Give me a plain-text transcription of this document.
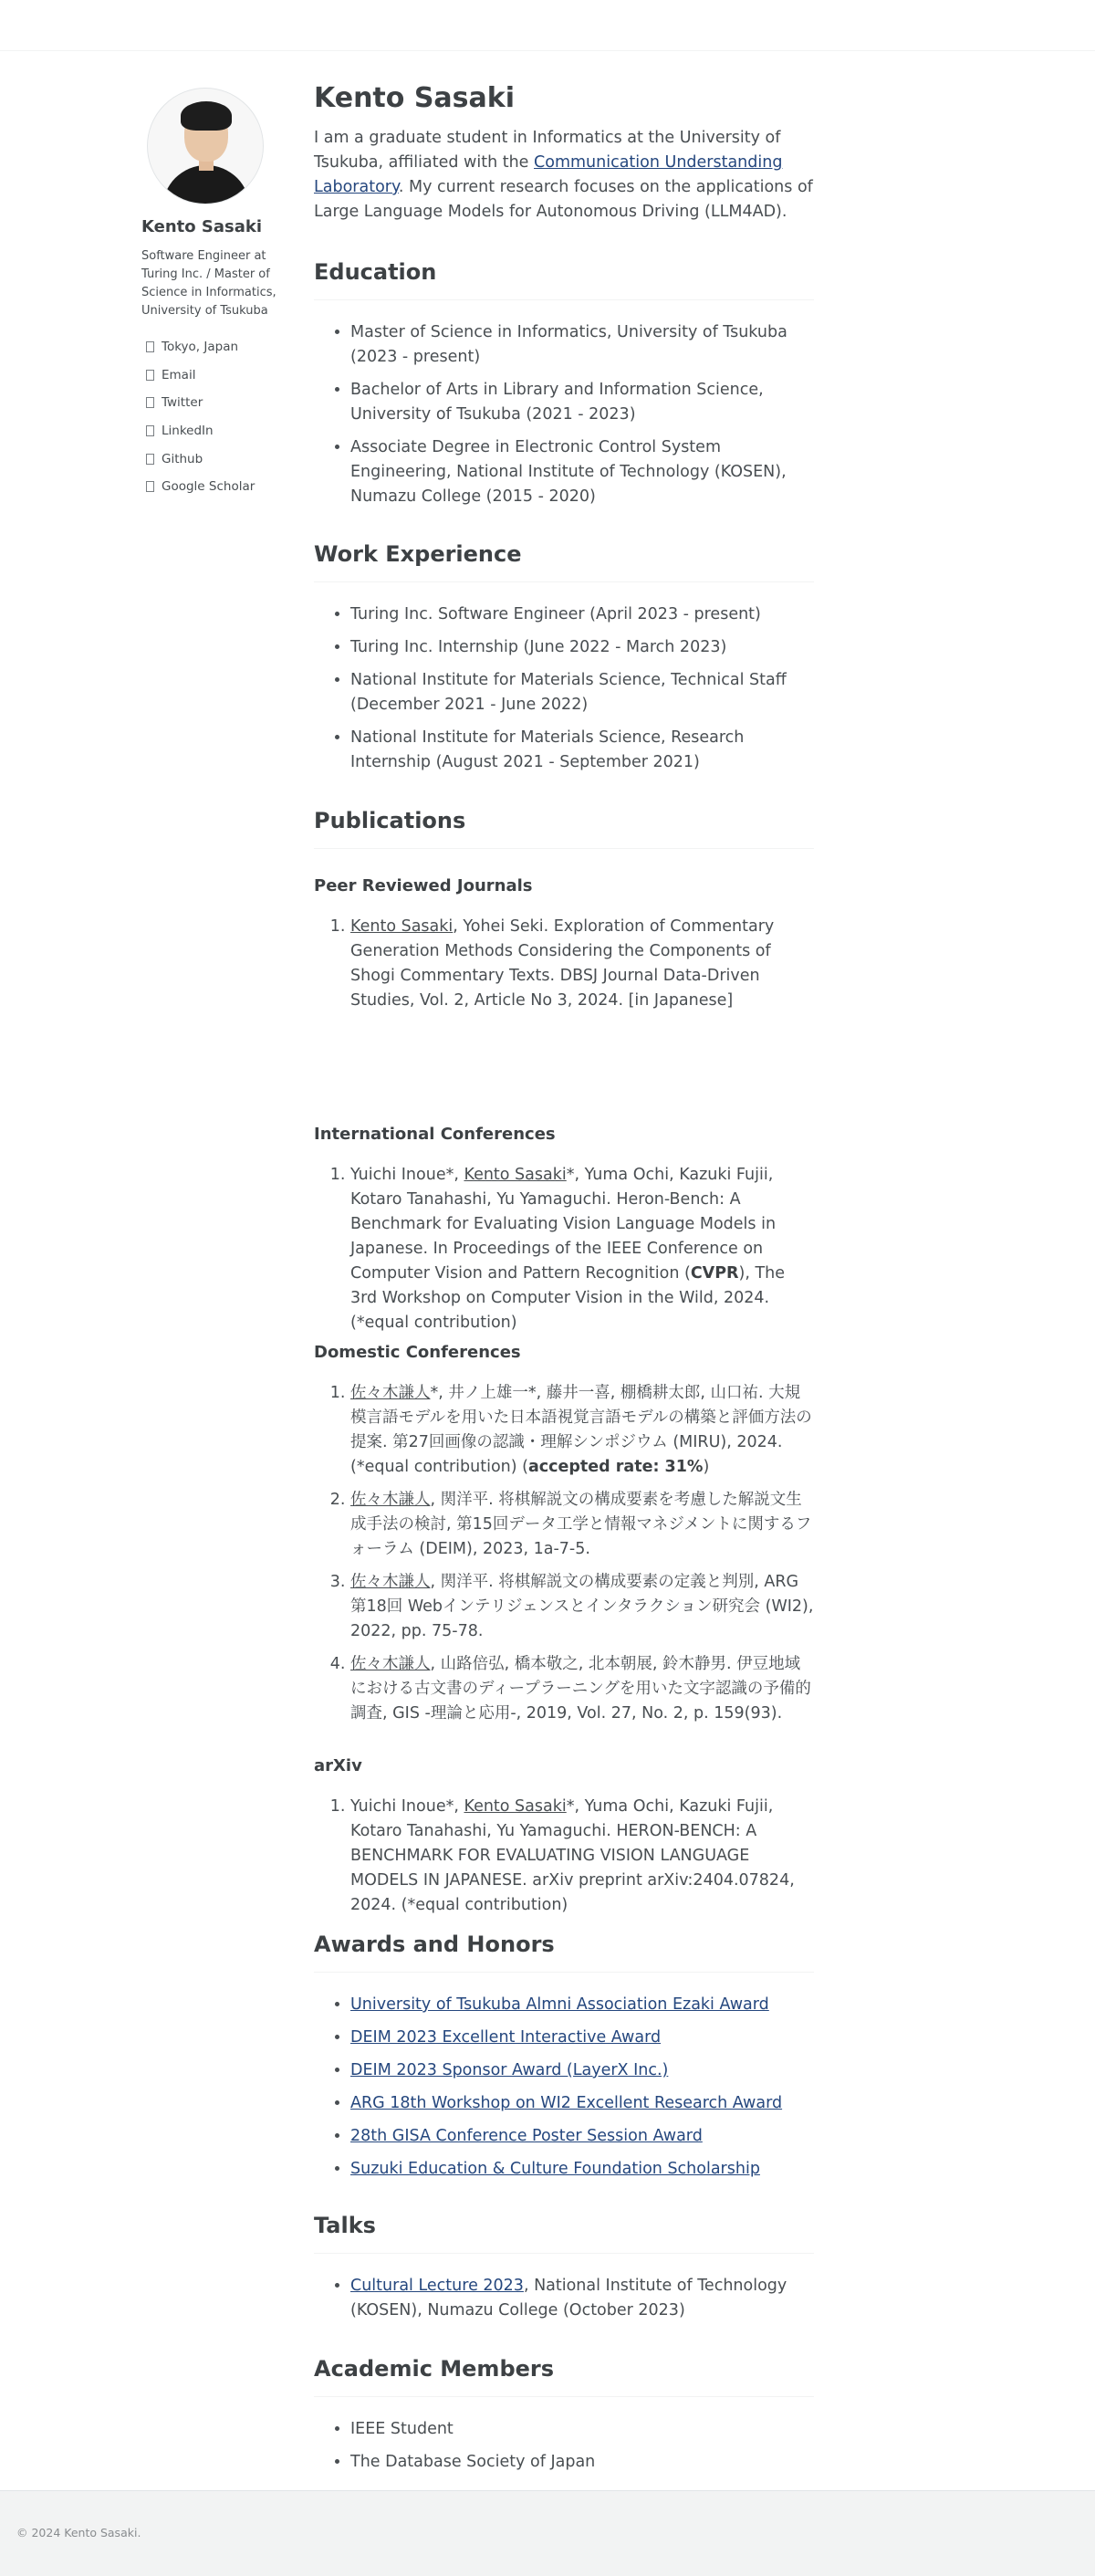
Kento Sasaki
Software Engineer at Turing Inc. / Master of Science in Informatics, University of Tsukuba
Tokyo, Japan
Email
Twitter
LinkedIn
Github
Google Scholar
Kento Sasaki

I am a graduate student in Informatics at the University of Tsukuba, affiliated with the Communication Understanding Laboratory. My current research focuses on the applications of Large Language Models for Autonomous Driving (LLM4AD).

Education
• Master of Science in Informatics, University of Tsukuba (2023 - present)
• Bachelor of Arts in Library and Information Science, University of Tsukuba (2021 - 2023)
• Associate Degree in Electronic Control System Engineering, National Institute of Technology (KOSEN), Numazu College (2015 - 2020)
Work Experience
• Turing Inc. Software Engineer (April 2023 - present)
• Turing Inc. Internship (June 2022 - March 2023)
• National Institute for Materials Science, Technical Staff (December 2021 - June 2022)
• National Institute for Materials Science, Research Internship (August 2021 - September 2021)
Publications
Peer Reviewed Journals
1. Kento Sasaki, Yohei Seki. Exploration of Commentary Generation Methods Considering the Components of Shogi Commentary Texts. DBSJ Journal Data-Driven Studies, Vol. 2, Article No 3, 2024. [in Japanese]
International Conferences
1. Yuichi Inoue*, Kento Sasaki*, Yuma Ochi, Kazuki Fujii, Kotaro Tanahashi, Yu Yamaguchi. Heron-Bench: A Benchmark for Evaluating Vision Language Models in Japanese. In Proceedings of the IEEE Conference on Computer Vision and Pattern Recognition (CVPR), The 3rd Workshop on Computer Vision in the Wild, 2024. (*equal contribution)
Domestic Conferences
1. 佐々木謙人*, 井ノ上雄一*, 藤井一喜, 棚橋耕太郎, 山口祐. 大規模言語モデルを用いた日本語視覚言語モデルの構築と評価方法の提案. 第27回画像の認識・理解シンポジウム (MIRU), 2024. (*equal contribution) (accepted rate: 31%)
2. 佐々木謙人, 関洋平. 将棋解説文の構成要素を考慮した解説文生成手法の検討, 第15回データ工学と情報マネジメントに関するフォーラム (DEIM), 2023, 1a-7-5.
3. 佐々木謙人, 関洋平. 将棋解説文の構成要素の定義と判別, ARG 第18回 Webインテリジェンスとインタラクション研究会 (WI2), 2022, pp. 75-78.
4. 佐々木謙人, 山路倍弘, 橋本敬之, 北本朝展, 鈴木静男. 伊豆地域における古文書のディープラーニングを用いた文字認識の予備的調査, GIS -理論と応用-, 2019, Vol. 27, No. 2, p. 159(93).
arXiv
1. Yuichi Inoue*, Kento Sasaki*, Yuma Ochi, Kazuki Fujii, Kotaro Tanahashi, Yu Yamaguchi. HERON-BENCH: A BENCHMARK FOR EVALUATING VISION LANGUAGE MODELS IN JAPANESE. arXiv preprint arXiv:2404.07824, 2024. (*equal contribution)
Awards and Honors
• University of Tsukuba Almni Association Ezaki Award
• DEIM 2023 Excellent Interactive Award
• DEIM 2023 Sponsor Award (LayerX Inc.)
• ARG 18th Workshop on WI2 Excellent Research Award
• 28th GISA Conference Poster Session Award
• Suzuki Education & Culture Foundation Scholarship
Talks
• Cultural Lecture 2023, National Institute of Technology (KOSEN), Numazu College (October 2023)
Academic Members
• IEEE Student
• The Database Society of Japan
© 2024 Kento Sasaki.
